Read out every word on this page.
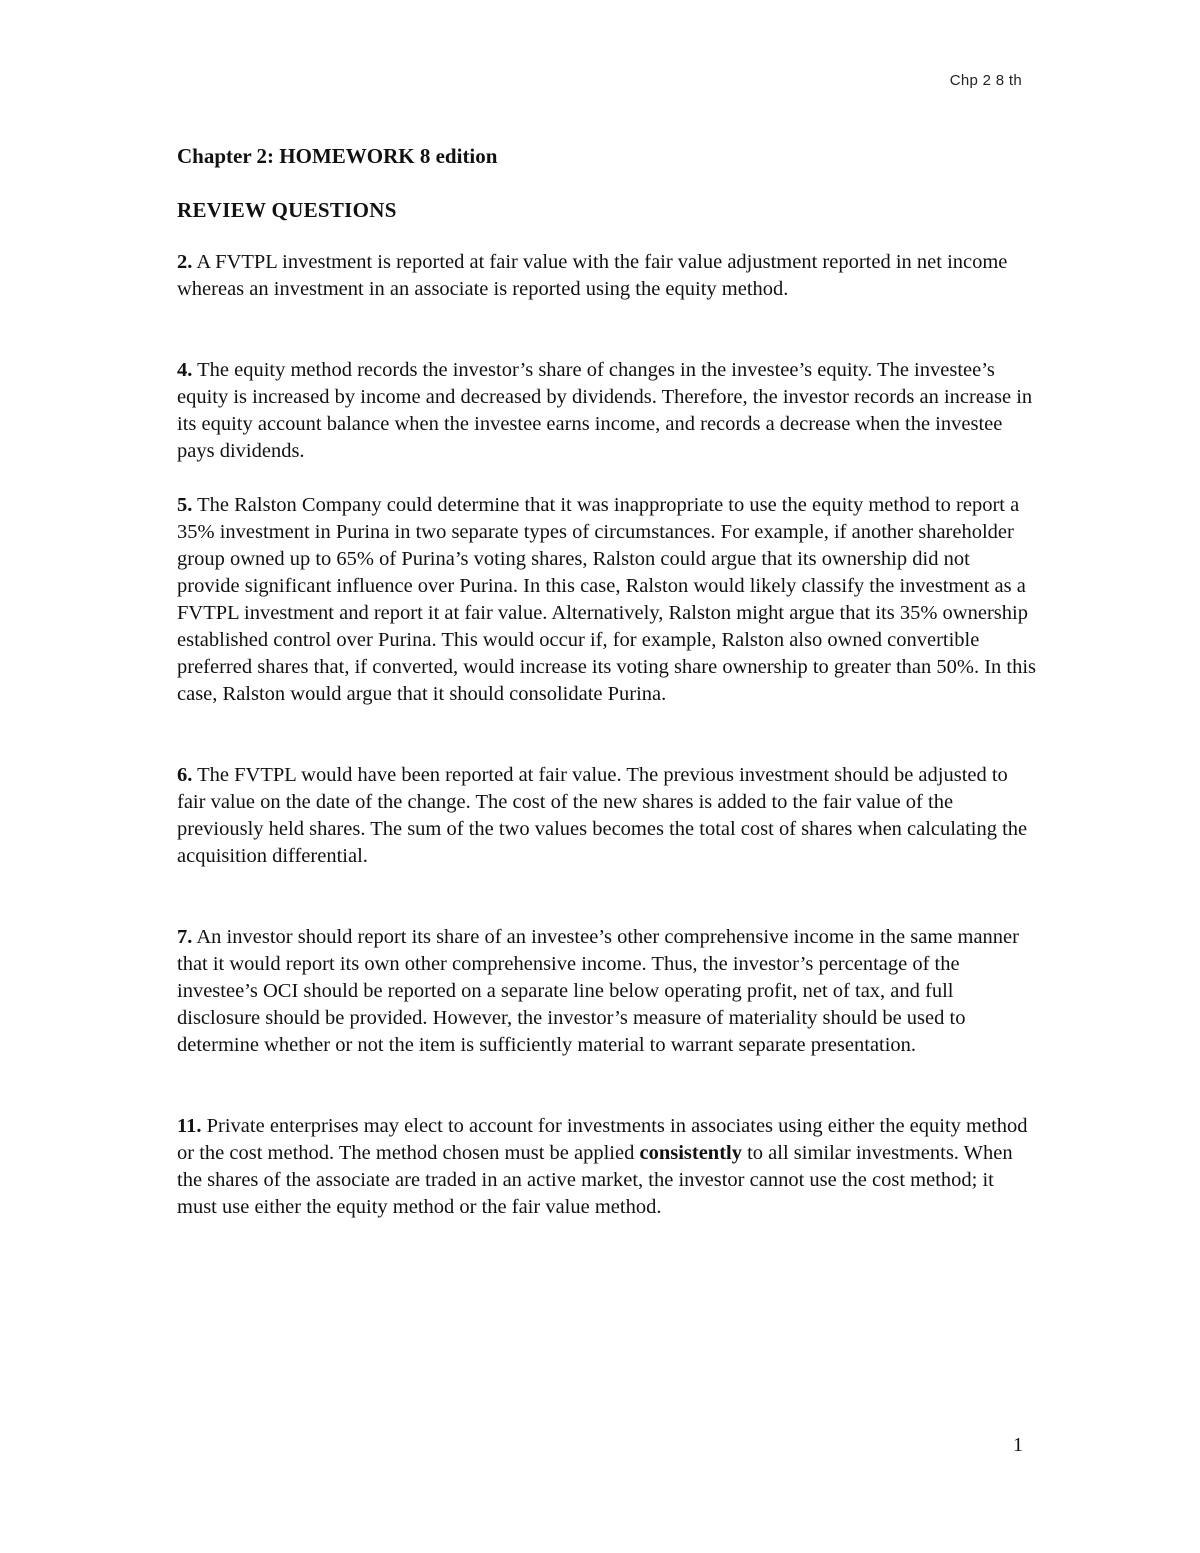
Chp 2 8 th
Chapter 2: HOMEWORK 8 edition
REVIEW QUESTIONS

2. A FVTPL investment is reported at fair value with the fair value adjustment reported in net income whereas an investment in an associate is reported using the equity method.

4. The equity method records the investor’s share of changes in the investee’s equity. The investee’s equity is increased by income and decreased by dividends. Therefore, the investor records an increase in its equity account balance when the investee earns income, and records a decrease when the investee pays dividends.

5. The Ralston Company could determine that it was inappropriate to use the equity method to report a 35% investment in Purina in two separate types of circumstances. For example, if another shareholder group owned up to 65% of Purina’s voting shares, Ralston could argue that its ownership did not provide significant influence over Purina. In this case, Ralston would likely classify the investment as a FVTPL investment and report it at fair value. Alternatively, Ralston might argue that its 35% ownership established control over Purina. This would occur if, for example, Ralston also owned convertible preferred shares that, if converted, would increase its voting share ownership to greater than 50%. In this case, Ralston would argue that it should consolidate Purina.

6. The FVTPL would have been reported at fair value. The previous investment should be adjusted to fair value on the date of the change. The cost of the new shares is added to the fair value of the previously held shares. The sum of the two values becomes the total cost of shares when calculating the acquisition differential.

7. An investor should report its share of an investee’s other comprehensive income in the same manner that it would report its own other comprehensive income. Thus, the investor’s percentage of the investee’s OCI should be reported on a separate line below operating profit, net of tax, and full disclosure should be provided. However, the investor’s measure of materiality should be used to determine whether or not the item is sufficiently material to warrant separate presentation.

11. Private enterprises may elect to account for investments in associates using either the equity method or the cost method. The method chosen must be applied consistently to all similar investments. When the shares of the associate are traded in an active market, the investor cannot use the cost method; it must use either the equity method or the fair value method.

1
